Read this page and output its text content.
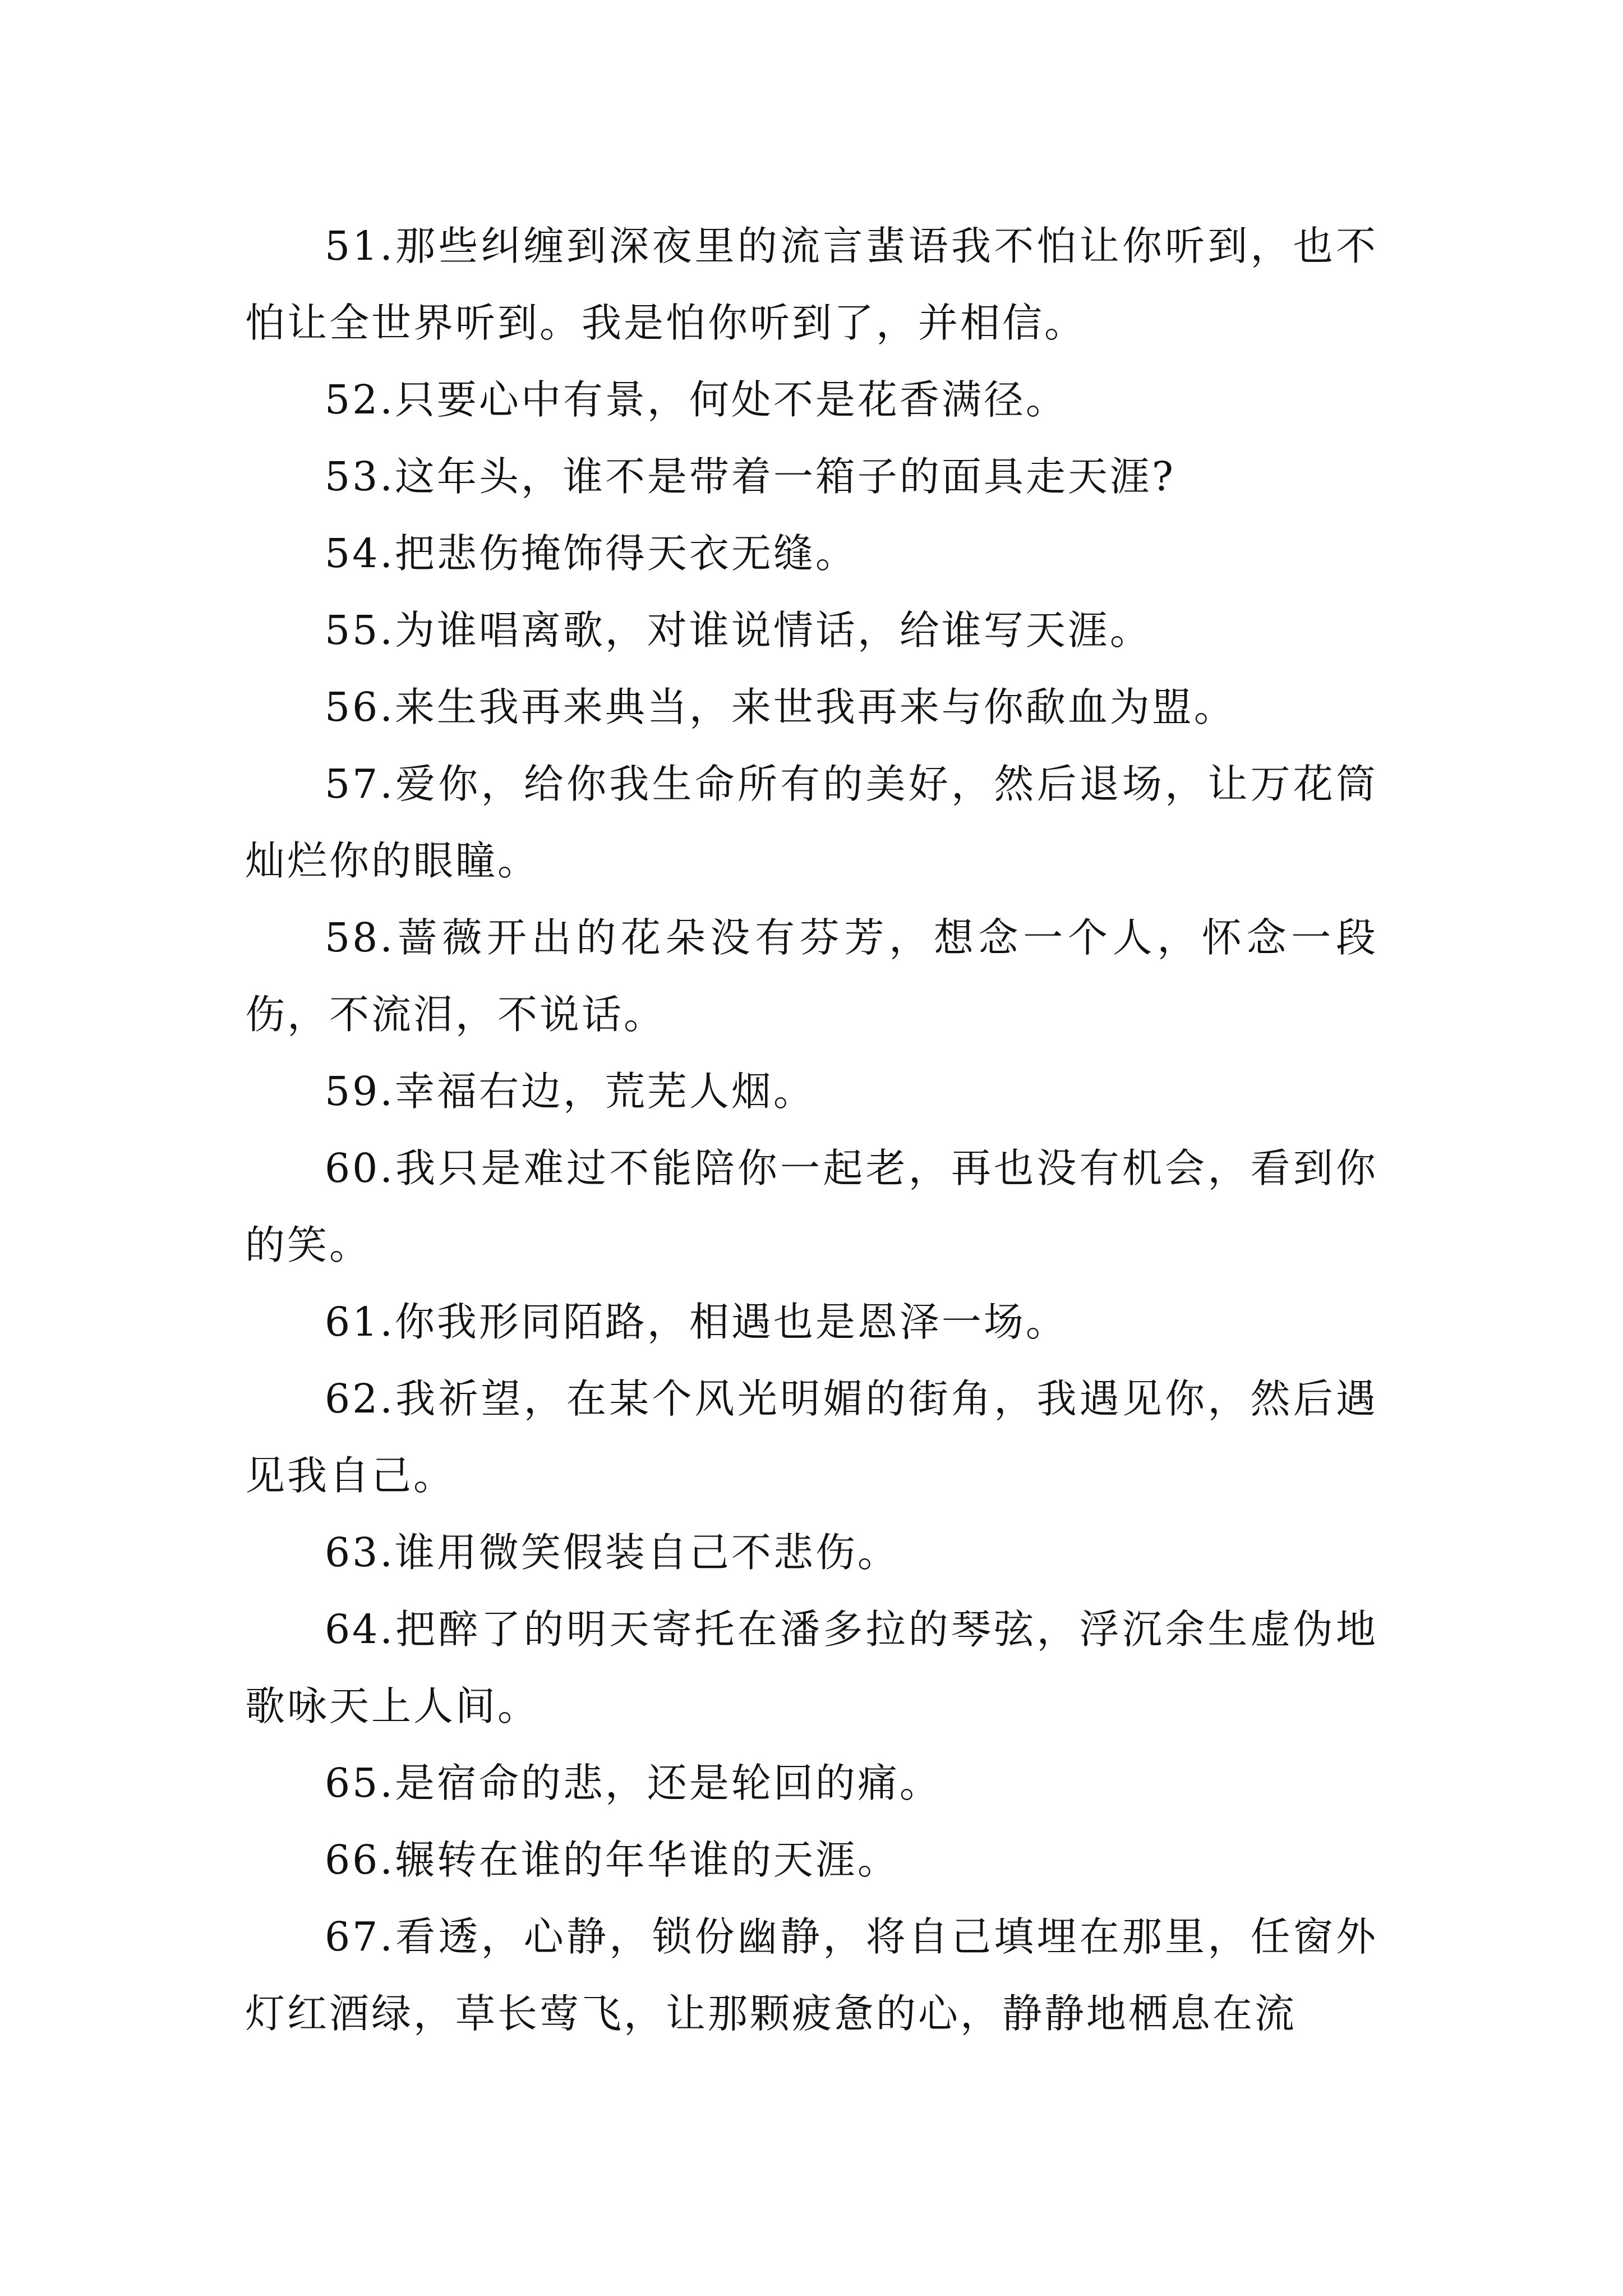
51.那些纠缠到深夜里的流言蜚语我不怕让你听到，也不怕让全世界听到。我是怕你听到了，并相信。

52.只要心中有景，何处不是花香满径。

53.这年头，谁不是带着一箱子的面具走天涯?

54.把悲伤掩饰得天衣无缝。

55.为谁唱离歌，对谁说情话，给谁写天涯。

56.来生我再来典当，来世我再来与你歃血为盟。

57.爱你，给你我生命所有的美好，然后退场，让万花筒灿烂你的眼瞳。

58.蔷薇开出的花朵没有芬芳，想念一个人，怀念一段伤，不流泪，不说话。

59.幸福右边，荒芜人烟。

60.我只是难过不能陪你一起老，再也没有机会，看到你的笑。

61.你我形同陌路，相遇也是恩泽一场。

62.我祈望，在某个风光明媚的街角，我遇见你，然后遇见我自己。

63.谁用微笑假装自己不悲伤。

64.把醉了的明天寄托在潘多拉的琴弦，浮沉余生虚伪地歌咏天上人间。

65.是宿命的悲，还是轮回的痛。

66.辗转在谁的年华谁的天涯。

67.看透，心静，锁份幽静，将自己填埋在那里，任窗外灯红酒绿，草长莺飞，让那颗疲惫的心，静静地栖息在流
